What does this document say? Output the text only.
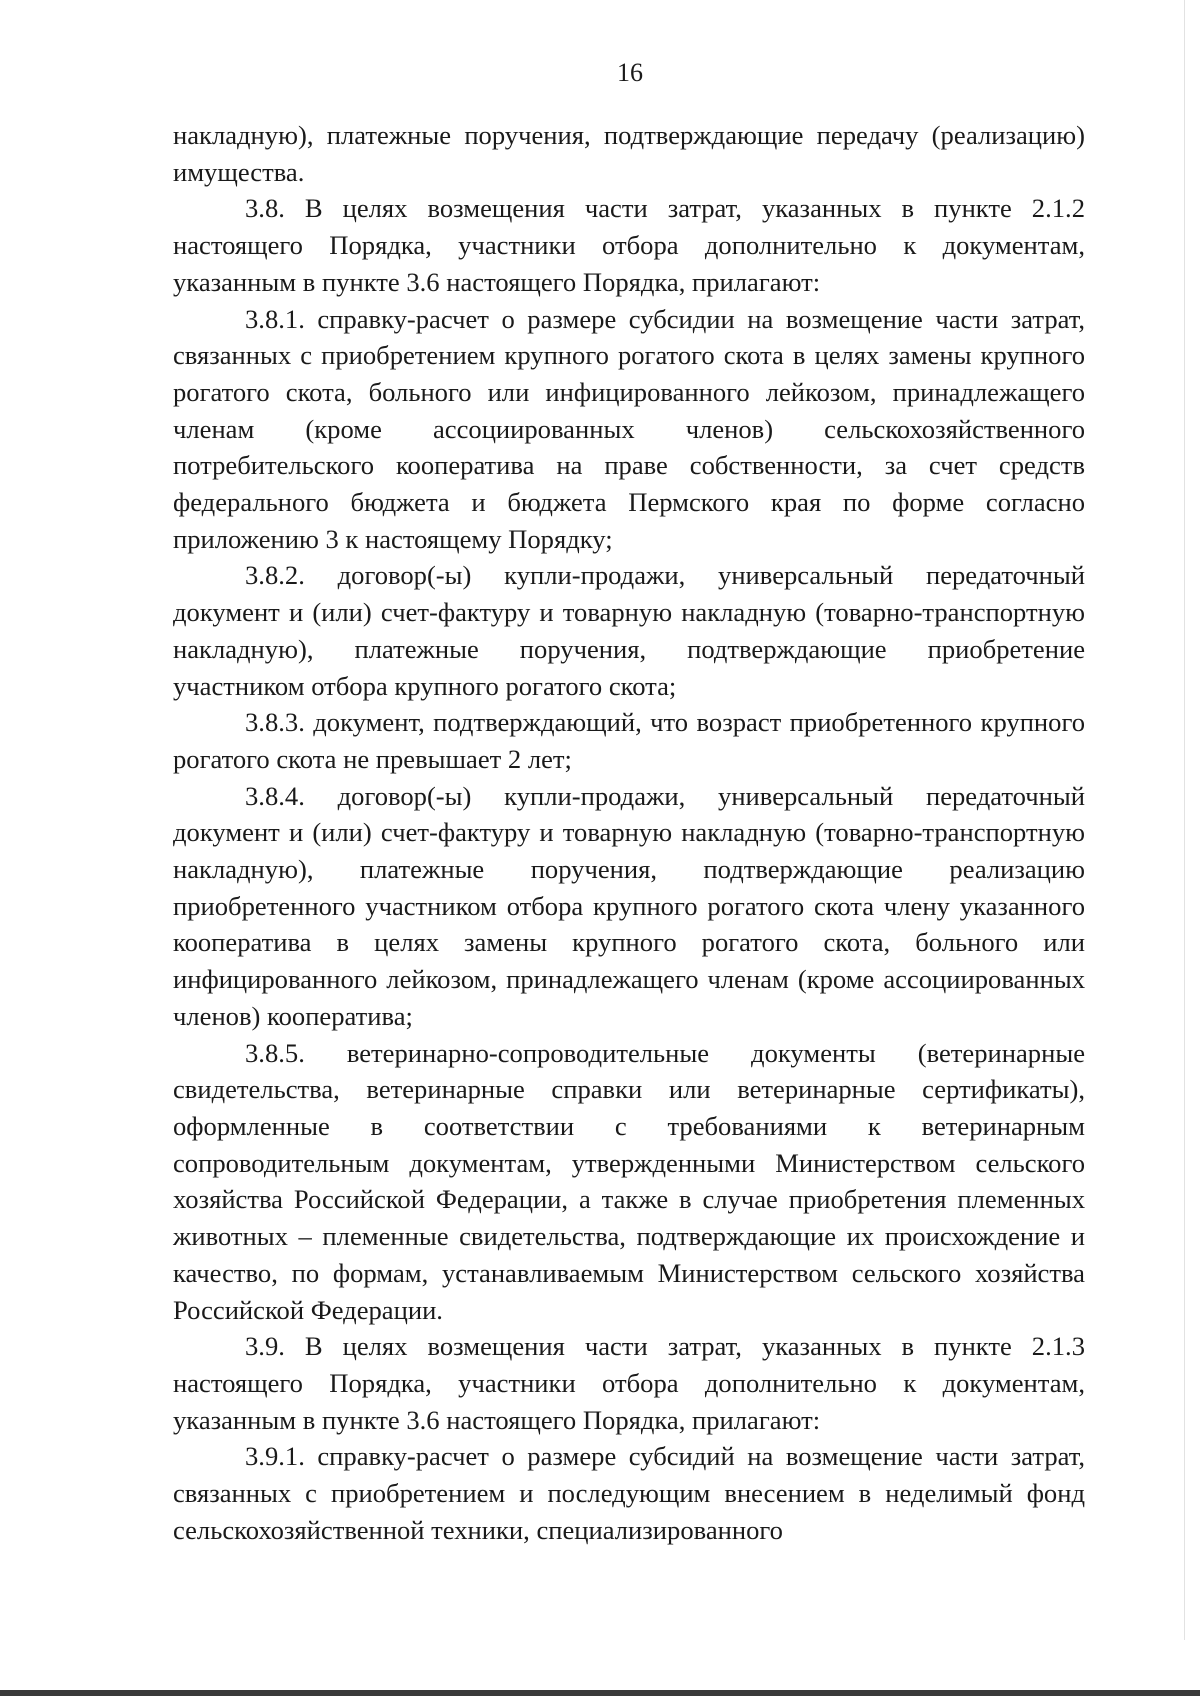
16

накладную), платежные поручения, подтверждающие передачу (реализацию) имущества.

3.8. В целях возмещения части затрат, указанных в пункте 2.1.2 настоящего Порядка, участники отбора дополнительно к документам, указанным в пункте 3.6 настоящего Порядка, прилагают:

3.8.1. справку-расчет о размере субсидии на возмещение части затрат, связанных с приобретением крупного рогатого скота в целях замены крупного рогатого скота, больного или инфицированного лейкозом, принадлежащего членам (кроме ассоциированных членов) сельскохозяйственного потребительского кооператива на праве собственности, за счет средств федерального бюджета и бюджета Пермского края по форме согласно приложению 3 к настоящему Порядку;

3.8.2. договор(-ы) купли-продажи, универсальный передаточный документ и (или) счет-фактуру и товарную накладную (товарно-транспортную накладную), платежные поручения, подтверждающие приобретение участником отбора крупного рогатого скота;

3.8.3. документ, подтверждающий, что возраст приобретенного крупного рогатого скота не превышает 2 лет;

3.8.4. договор(-ы) купли-продажи, универсальный передаточный документ и (или) счет-фактуру и товарную накладную (товарно-транспортную накладную), платежные поручения, подтверждающие реализацию приобретенного участником отбора крупного рогатого скота члену указанного кооператива в целях замены крупного рогатого скота, больного или инфицированного лейкозом, принадлежащего членам (кроме ассоциированных членов) кооператива;

3.8.5. ветеринарно-сопроводительные документы (ветеринарные свидетельства, ветеринарные справки или ветеринарные сертификаты), оформленные в соответствии с требованиями к ветеринарным сопроводительным документам, утвержденными Министерством сельского хозяйства Российской Федерации, а также в случае приобретения племенных животных – племенные свидетельства, подтверждающие их происхождение и качество, по формам, устанавливаемым Министерством сельского хозяйства Российской Федерации.

3.9. В целях возмещения части затрат, указанных в пункте 2.1.3 настоящего Порядка, участники отбора дополнительно к документам, указанным в пункте 3.6 настоящего Порядка, прилагают:

3.9.1. справку-расчет о размере субсидий на возмещение части затрат, связанных с приобретением и последующим внесением в неделимый фонд сельскохозяйственной техники, специализированного
